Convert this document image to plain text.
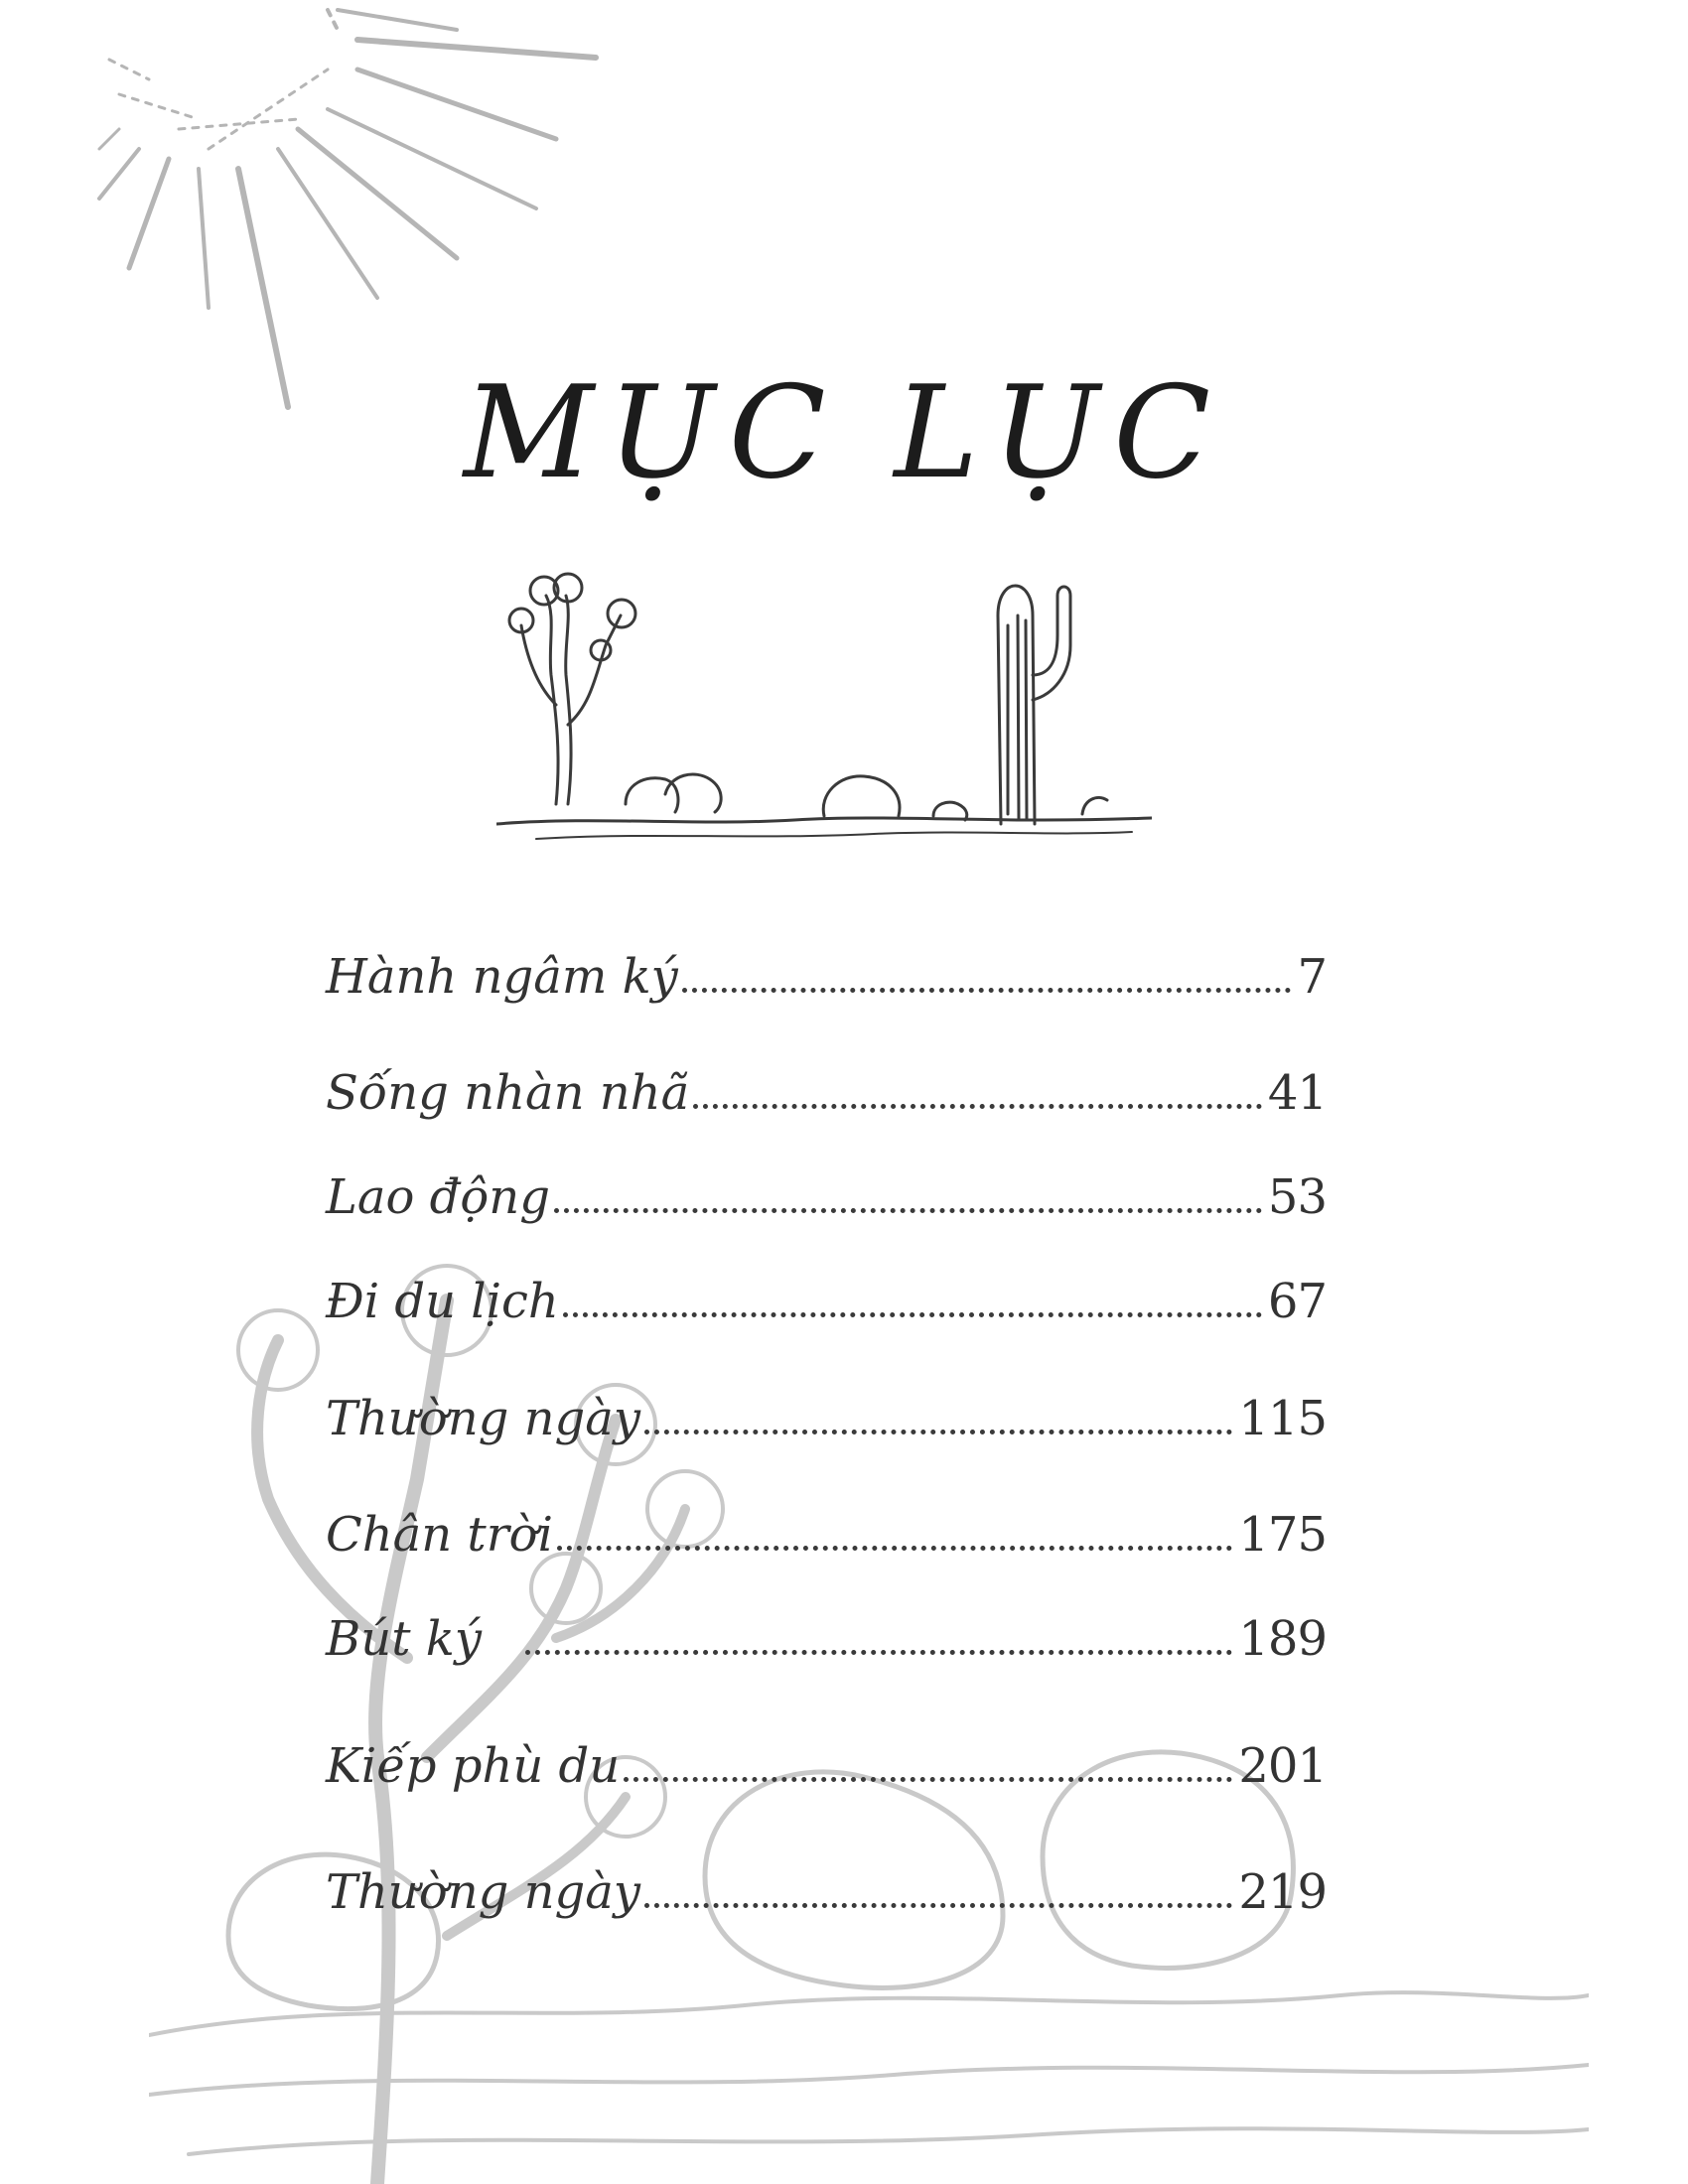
MỤC LỤC
Hành ngâm ký	7
Sống nhàn nhã	41
Lao động	53
Đi du lịch	67
Thường ngày	115
Chân trời	175
Bút ký	189
Kiếp phù du	201
Thường ngày	219
